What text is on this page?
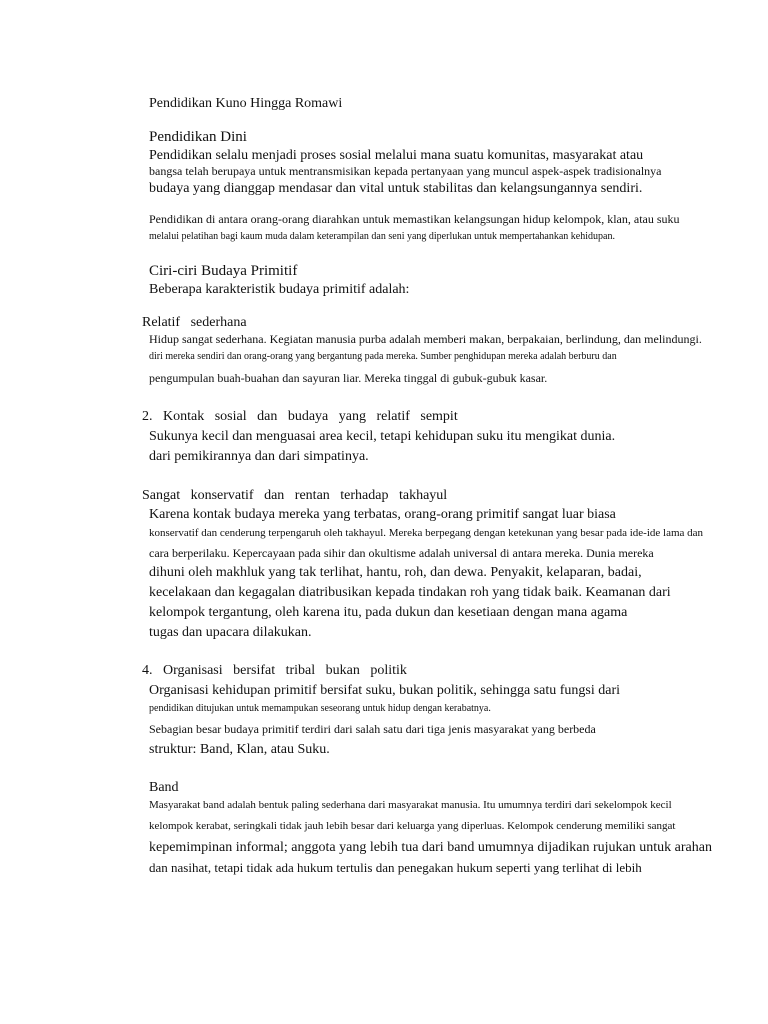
Pendidikan Kuno Hingga Romawi
Pendidikan Dini
Pendidikan selalu menjadi proses sosial melalui mana suatu komunitas, masyarakat atau
bangsa telah berupaya untuk mentransmisikan kepada pertanyaan yang muncul aspek-aspek tradisionalnya
budaya yang dianggap mendasar dan vital untuk stabilitas dan kelangsungannya sendiri.
Pendidikan di antara orang-orang diarahkan untuk memastikan kelangsungan hidup kelompok, klan, atau suku
melalui pelatihan bagi kaum muda dalam keterampilan dan seni yang diperlukan untuk mempertahankan kehidupan.
Ciri-ciri Budaya Primitif
Beberapa karakteristik budaya primitif adalah:
Relatif   sederhana
Hidup sangat sederhana. Kegiatan manusia purba adalah memberi makan, berpakaian, berlindung, dan melindungi.
diri mereka sendiri dan orang-orang yang bergantung pada mereka. Sumber penghidupan mereka adalah berburu dan
pengumpulan buah-buahan dan sayuran liar. Mereka tinggal di gubuk-gubuk kasar.
2.   Kontak   sosial   dan   budaya   yang   relatif   sempit
Sukunya kecil dan menguasai area kecil, tetapi kehidupan suku itu mengikat dunia.
dari pemikirannya dan dari simpatinya.
Sangat   konservatif   dan   rentan   terhadap   takhayul
Karena kontak budaya mereka yang terbatas, orang-orang primitif sangat luar biasa
konservatif dan cenderung terpengaruh oleh takhayul. Mereka berpegang dengan ketekunan yang besar pada ide-ide lama dan
cara berperilaku. Kepercayaan pada sihir dan okultisme adalah universal di antara mereka. Dunia mereka
dihuni oleh makhluk yang tak terlihat, hantu, roh, dan dewa. Penyakit, kelaparan, badai,
kecelakaan dan kegagalan diatribusikan kepada tindakan roh yang tidak baik. Keamanan dari
kelompok tergantung, oleh karena itu, pada dukun dan kesetiaan dengan mana agama
tugas dan upacara dilakukan.
4.   Organisasi   bersifat   tribal   bukan   politik
Organisasi kehidupan primitif bersifat suku, bukan politik, sehingga satu fungsi dari
pendidikan ditujukan untuk memampukan seseorang untuk hidup dengan kerabatnya.
Sebagian besar budaya primitif terdiri dari salah satu dari tiga jenis masyarakat yang berbeda
struktur: Band, Klan, atau Suku.
Band
Masyarakat band adalah bentuk paling sederhana dari masyarakat manusia. Itu umumnya terdiri dari sekelompok kecil
kelompok kerabat, seringkali tidak jauh lebih besar dari keluarga yang diperluas. Kelompok cenderung memiliki sangat
kepemimpinan informal; anggota yang lebih tua dari band umumnya dijadikan rujukan untuk arahan
dan nasihat, tetapi tidak ada hukum tertulis dan penegakan hukum seperti yang terlihat di lebih
